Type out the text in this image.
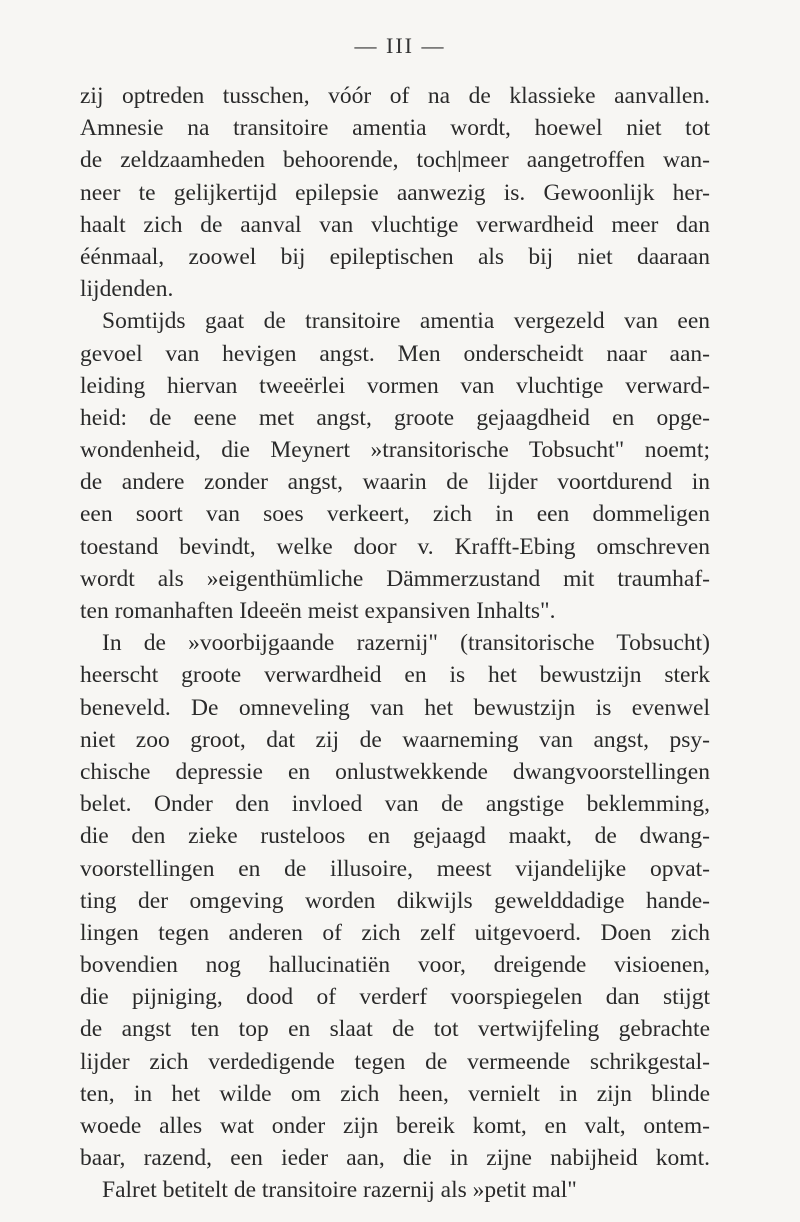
— III —
zij optreden tusschen, vóór of na de klassieke aanvallen.
Amnesie na transitoire amentia wordt, hoewel niet tot
de zeldzaamheden behoorende, toch|meer aangetroffen wan-
neer te gelijkertijd epilepsie aanwezig is. Gewoonlijk her-
haalt zich de aanval van vluchtige verwardheid meer dan
éénmaal, zoowel bij epileptischen als bij niet daaraan
lijdenden.
Somtijds gaat de transitoire amentia vergezeld van een
gevoel van hevigen angst. Men onderscheidt naar aan-
leiding hiervan tweeërlei vormen van vluchtige verward-
heid: de eene met angst, groote gejaagdheid en opge-
wondenheid, die Meynert »transitorische Tobsucht" noemt;
de andere zonder angst, waarin de lijder voortdurend in
een soort van soes verkeert, zich in een dommeligen
toestand bevindt, welke door v. Krafft-Ebing omschreven
wordt als »eigenthümliche Dämmerzustand mit traumhaf-
ten romanhaften Ideeën meist expansiven Inhalts".
In de »voorbijgaande razernij" (transitorische Tobsucht)
heerscht groote verwardheid en is het bewustzijn sterk
beneveld. De omneveling van het bewustzijn is evenwel
niet zoo groot, dat zij de waarneming van angst, psy-
chische depressie en onlustwekkende dwangvoorstellingen
belet. Onder den invloed van de angstige beklemming,
die den zieke rusteloos en gejaagd maakt, de dwang-
voorstellingen en de illusoire, meest vijandelijke opvat-
ting der omgeving worden dikwijls gewelddadige hande-
lingen tegen anderen of zich zelf uitgevoerd. Doen zich
bovendien nog hallucinatiën voor, dreigende visioenen,
die pijniging, dood of verderf voorspiegelen dan stijgt
de angst ten top en slaat de tot vertwijfeling gebrachte
lijder zich verdedigende tegen de vermeende schrikgestal-
ten, in het wilde om zich heen, vernielt in zijn blinde
woede alles wat onder zijn bereik komt, en valt, ontem-
baar, razend, een ieder aan, die in zijne nabijheid komt.
Falret betitelt de transitoire razernij als »petit mal"
